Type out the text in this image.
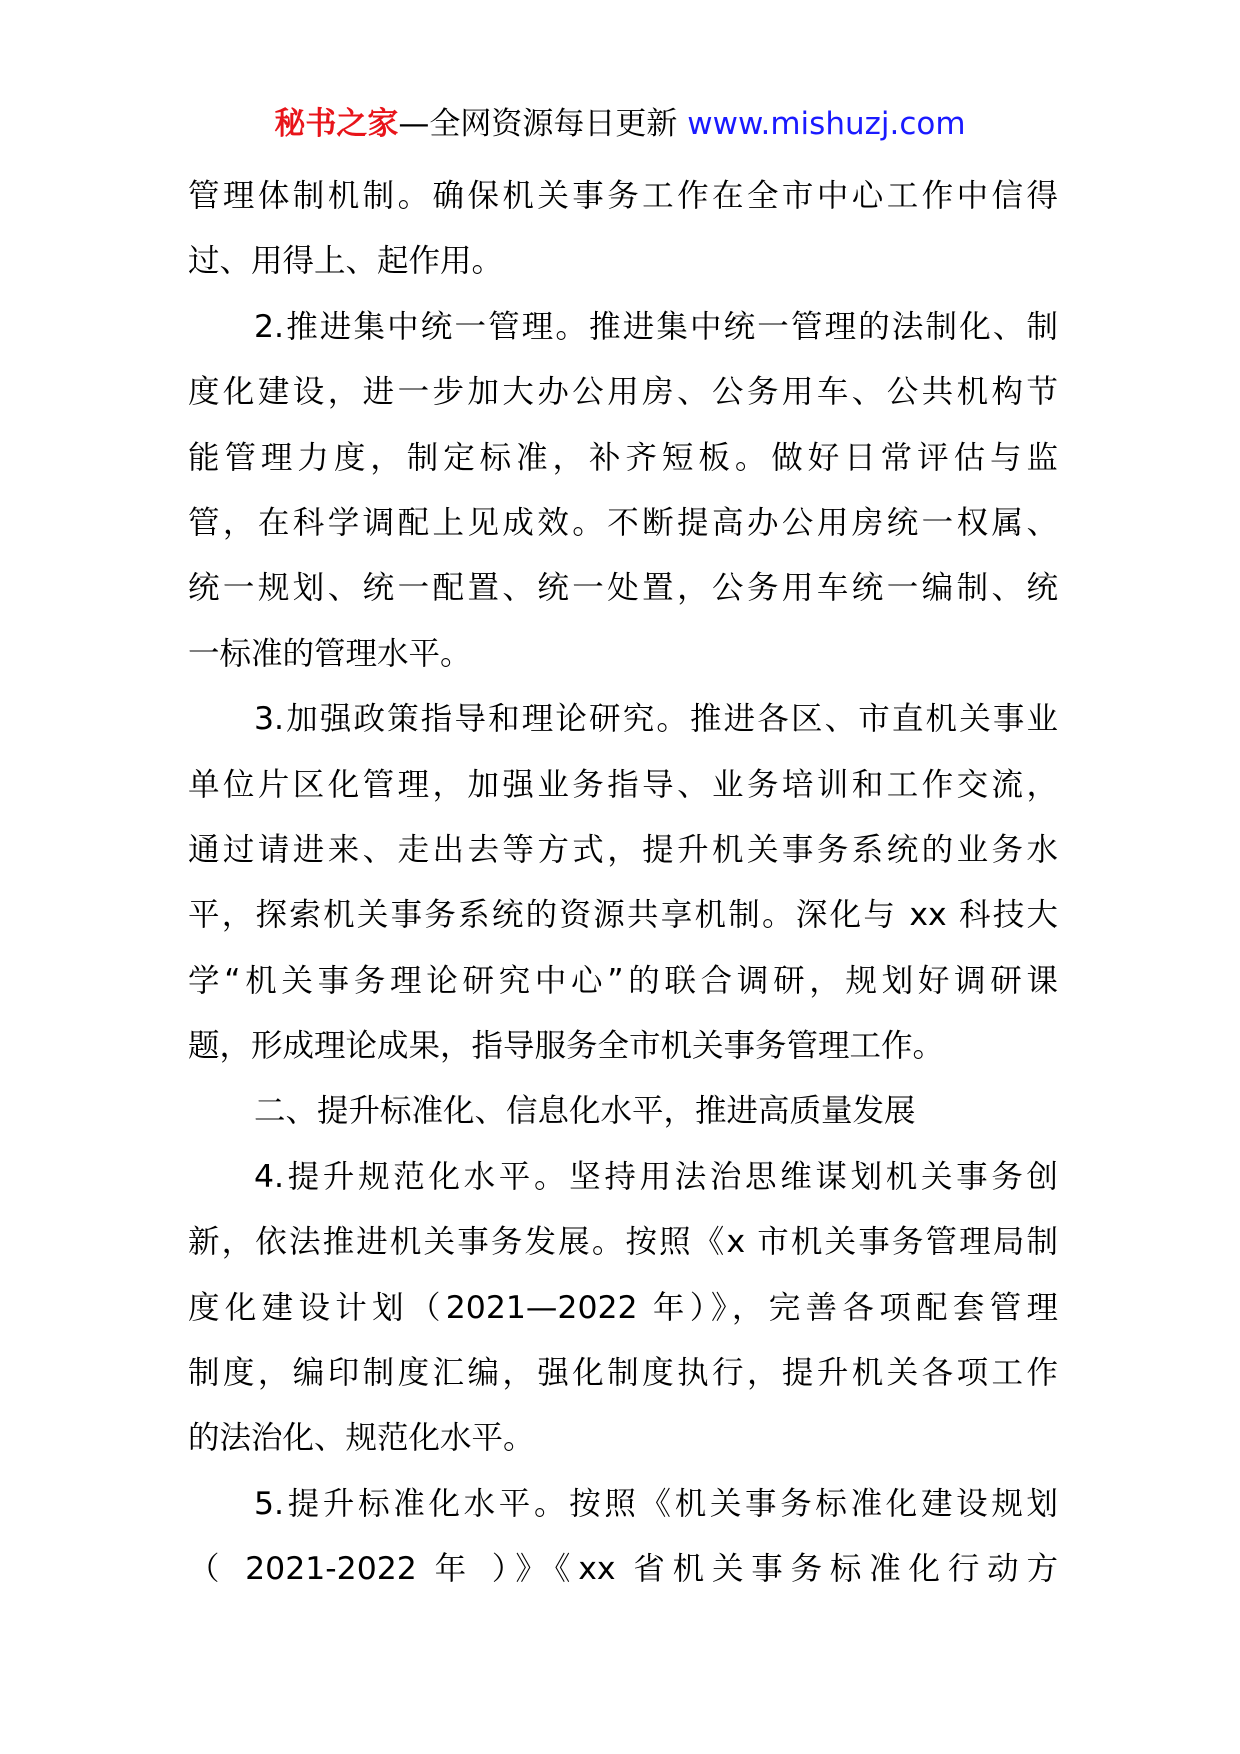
秘书之家—全网资源每日更新 www.mishuzj.com
管理体制机制。确保机关事务工作在全市中心工作中信得
过、用得上、起作用。
2.推进集中统一管理。推进集中统一管理的法制化、制
度化建设，进一步加大办公用房、公务用车、公共机构节
能管理力度，制定标准，补齐短板。做好日常评估与监
管，在科学调配上见成效。不断提高办公用房统一权属、
统一规划、统一配置、统一处置，公务用车统一编制、统
一标准的管理水平。
3.加强政策指导和理论研究。推进各区、市直机关事业
单位片区化管理，加强业务指导、业务培训和工作交流，
通过请进来、走出去等方式，提升机关事务系统的业务水
平，探索机关事务系统的资源共享机制。深化与 xx 科技大
学“机关事务理论研究中心”的联合调研，规划好调研课
题，形成理论成果，指导服务全市机关事务管理工作。
二、提升标准化、信息化水平，推进高质量发展
4.提升规范化水平。坚持用法治思维谋划机关事务创
新，依法推进机关事务发展。按照《x 市机关事务管理局制
度化建设计划（2021—2022 年）》，完善各项配套管理
制度，编印制度汇编，强化制度执行，提升机关各项工作
的法治化、规范化水平。
5.提升标准化水平。按照《机关事务标准化建设规划
（ 2021-2022 年 ）》《xx 省机关事务标准化行动方
